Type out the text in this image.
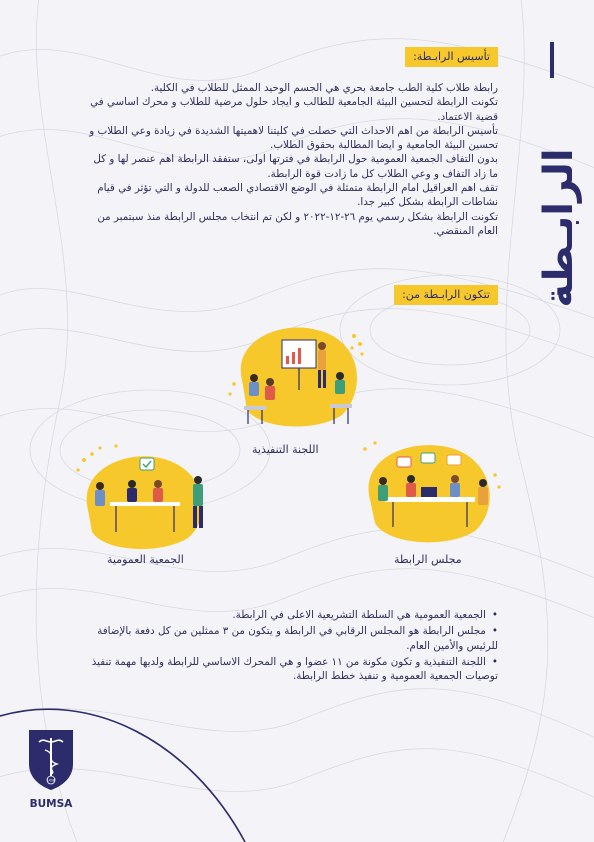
الرابـطة
تأسيس الرابـطة:

رابطة طلاب كلية الطب جامعة بحري هي الجسم الوحيد الممثل للطلاب في الكلية.

تكونت الرابطة لتحسين البيئة الجامعية للطالب و ايجاد حلول مرضية للطلاب و محرك اساسي في قضية الاعتماد.

تأسيس الرابطة من اهم الاحداث التي حصلت في كليتنا لاهميتها الشديدة في زيادة وعي الطلاب و تحسين البيئة الجامعية و ايضا المطالبة بحقوق الطلاب.

بدون التفاف الجمعية العمومية حول الرابطة في فترتها اولى، ستفقد الرابطة اهم عنصر لها و كل ما زاد التفاف و وعي الطلاب كل ما زادت قوة الرابطة.

تقف اهم العراقيل امام الرابطة متمثلة في الوضع الاقتصادي الصعب للدولة و التي تؤثر في قيام نشاطات الرابطة بشكل كبير جدا.

تكونت الرابطة بشكل رسمي يوم ٢٦-١٢-٢٠٢٢ و لكن تم انتخاب مجلس الرابطة منذ سبتمبر من العام المنقضي.

تتكون الرابـطة من:
اللجنة التنفيذية
الجمعية العمومية	مجلس الرابطة
• الجمعية العمومية هي السلطة التشريعية الاعلى في الرابطة.
• مجلس الرابطة هو المجلس الرقابي في الرابطة و يتكون من ٣ ممثلين من كل دفعة بالإضافة للرئيس والأمين العام.
• اللجنة التنفيذية و تكون مكونة من ١١ عضوا و هي المحرك الاساسي للرابطة ولديها مهمة تنفيذ توصيات الجمعية العمومية و تنفيذ خطط الرابطة.
UOB
BUMSA
